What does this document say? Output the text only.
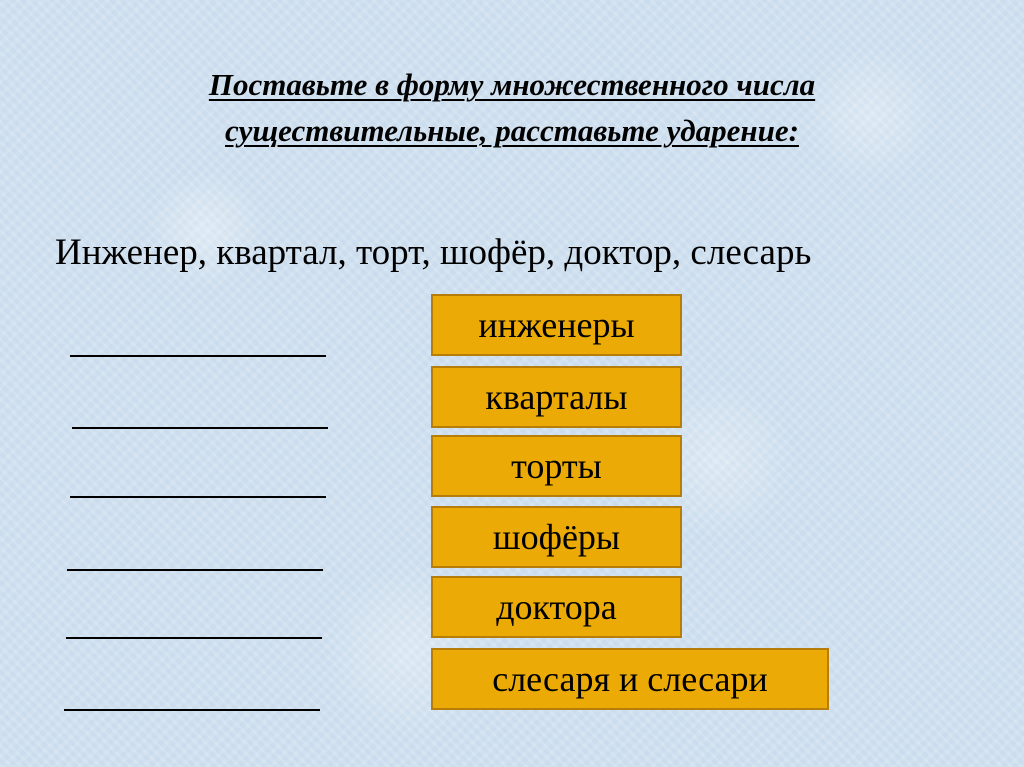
Поставьте в форму множественного числа
существительные, расставьте ударение:
Инженер, квартал, торт, шофёр, доктор, слесарь
инженеры
кварталы
торты
шофёры
доктора
слесаря и слесари
